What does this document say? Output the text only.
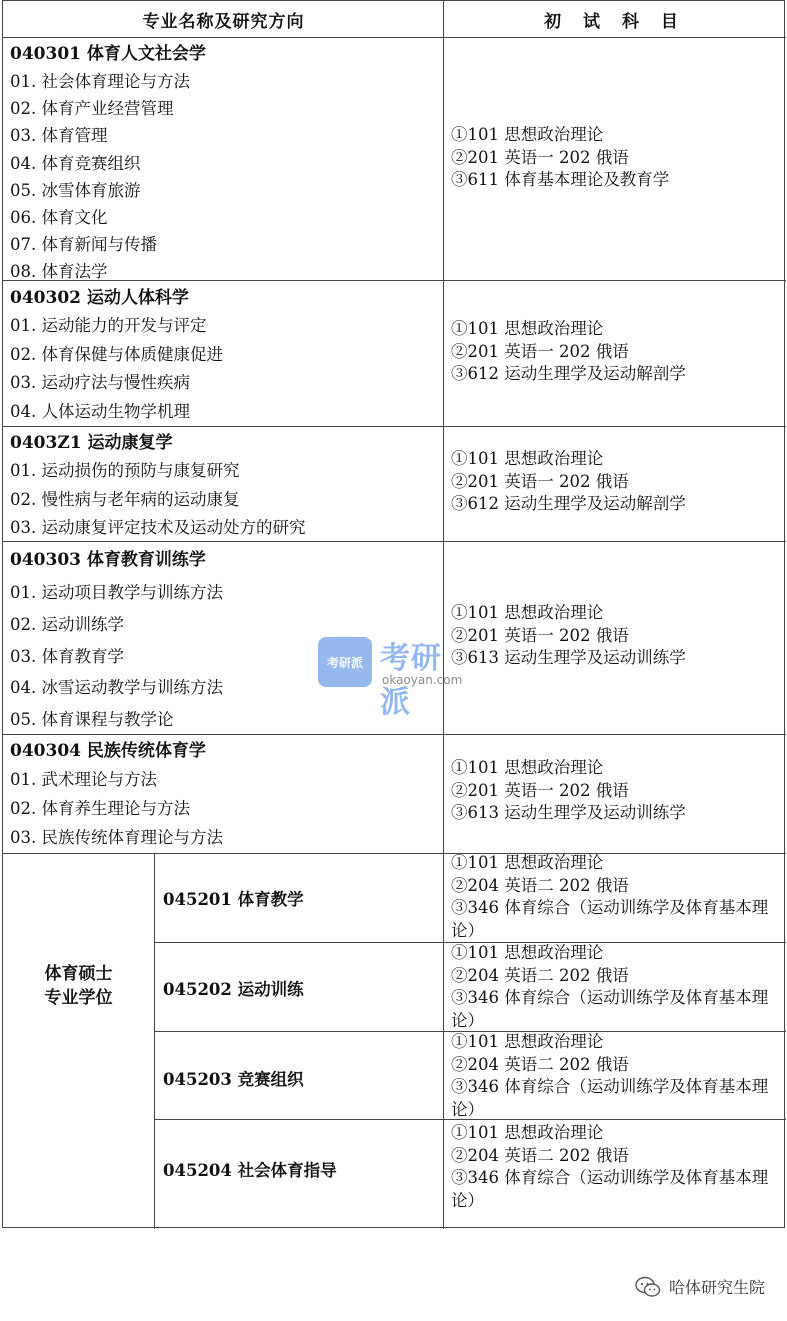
专业名称及研究方向	初 试 科 目
040301 体育人文社会学
01. 社会体育理论与方法
02. 体育产业经营管理
03. 体育管理
04. 体育竞赛组织
05. 冰雪体育旅游
06. 体育文化
07. 体育新闻与传播
08. 体育法学
①101 思想政治理论
②201 英语一 202 俄语
③611 体育基本理论及教育学
040302 运动人体科学
01. 运动能力的开发与评定
02. 体育保健与体质健康促进
03. 运动疗法与慢性疾病
04. 人体运动生物学机理
①101 思想政治理论
②201 英语一 202 俄语
③612 运动生理学及运动解剖学
0403Z1 运动康复学
01. 运动损伤的预防与康复研究
02. 慢性病与老年病的运动康复
03. 运动康复评定技术及运动处方的研究
①101 思想政治理论
②201 英语一 202 俄语
③612 运动生理学及运动解剖学
040303 体育教育训练学
01. 运动项目教学与训练方法
02. 运动训练学
03. 体育教育学
04. 冰雪运动教学与训练方法
05. 体育课程与教学论
①101 思想政治理论
②201 英语一 202 俄语
③613 运动生理学及运动训练学
040304 民族传统体育学
01. 武术理论与方法
02. 体育养生理论与方法
03. 民族传统体育理论与方法
①101 思想政治理论
②201 英语一 202 俄语
③613 运动生理学及运动训练学
体育硕士
专业学位
045201 体育教学
①101 思想政治理论
②204 英语二 202 俄语
③346 体育综合（运动训练学及体育基本理论）
045202 运动训练
①101 思想政治理论
②204 英语二 202 俄语
③346 体育综合（运动训练学及体育基本理论）
045203 竞赛组织
①101 思想政治理论
②204 英语二 202 俄语
③346 体育综合（运动训练学及体育基本理论）
045204 社会体育指导
①101 思想政治理论
②204 英语二 202 俄语
③346 体育综合（运动训练学及体育基本理论）
考研派 考研派
okaoyan.com
哈体研究生院
